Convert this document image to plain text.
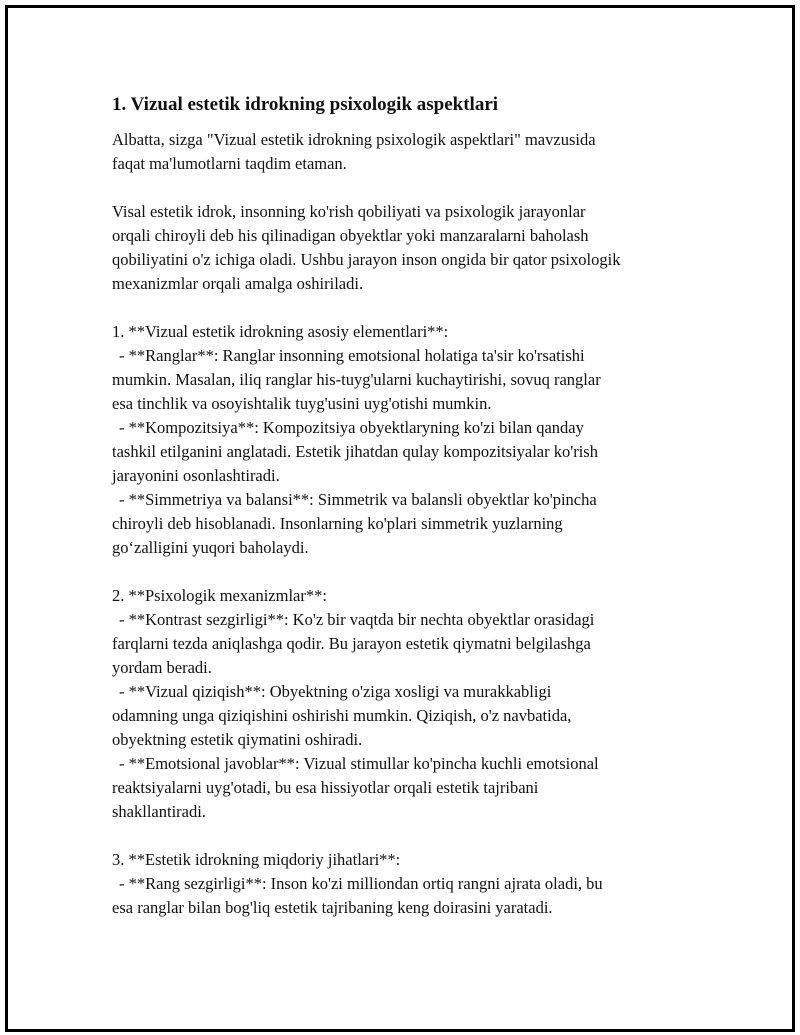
1. Vizual estetik idrokning psixologik aspektlari

Albatta, sizga "Vizual estetik idrokning psixologik aspektlari" mavzusida
faqat ma'lumotlarni taqdim etaman.

Visal estetik idrok, insonning ko'rish qobiliyati va psixologik jarayonlar
orqali chiroyli deb his qilinadigan obyektlar yoki manzaralarni baholash
qobiliyatini o'z ichiga oladi. Ushbu jarayon inson ongida bir qator psixologik
mexanizmlar orqali amalga oshiriladi.

1. **Vizual estetik idrokning asosiy elementlari**:

- **Ranglar**: Ranglar insonning emotsional holatiga ta'sir ko'rsatishi

mumkin. Masalan, iliq ranglar his-tuyg'ularni kuchaytirishi, sovuq ranglar
esa tinchlik va osoyishtalik tuyg'usini uyg'otishi mumkin.

- **Kompozitsiya**: Kompozitsiya obyektlaryning ko'zi bilan qanday

tashkil etilganini anglatadi. Estetik jihatdan qulay kompozitsiyalar ko'rish
jarayonini osonlashtiradi.

- **Simmetriya va balansi**: Simmetrik va balansli obyektlar ko'pincha

chiroyli deb hisoblanadi. Insonlarning ko'plari simmetrik yuzlarning
go‘zalligini yuqori baholaydi.

2. **Psixologik mexanizmlar**:

- **Kontrast sezgirligi**: Ko'z bir vaqtda bir nechta obyektlar orasidagi

farqlarni tezda aniqlashga qodir. Bu jarayon estetik qiymatni belgilashga
yordam beradi.

- **Vizual qiziqish**: Obyektning o'ziga xosligi va murakkabligi

odamning unga qiziqishini oshirishi mumkin. Qiziqish, o'z navbatida,
obyektning estetik qiymatini oshiradi.

- **Emotsional javoblar**: Vizual stimullar ko'pincha kuchli emotsional

reaktsiyalarni uyg'otadi, bu esa hissiyotlar orqali estetik tajribani
shakllantiradi.

3. **Estetik idrokning miqdoriy jihatlari**:

- **Rang sezgirligi**: Inson ko'zi milliondan ortiq rangni ajrata oladi, bu

esa ranglar bilan bog'liq estetik tajribaning keng doirasini yaratadi.
